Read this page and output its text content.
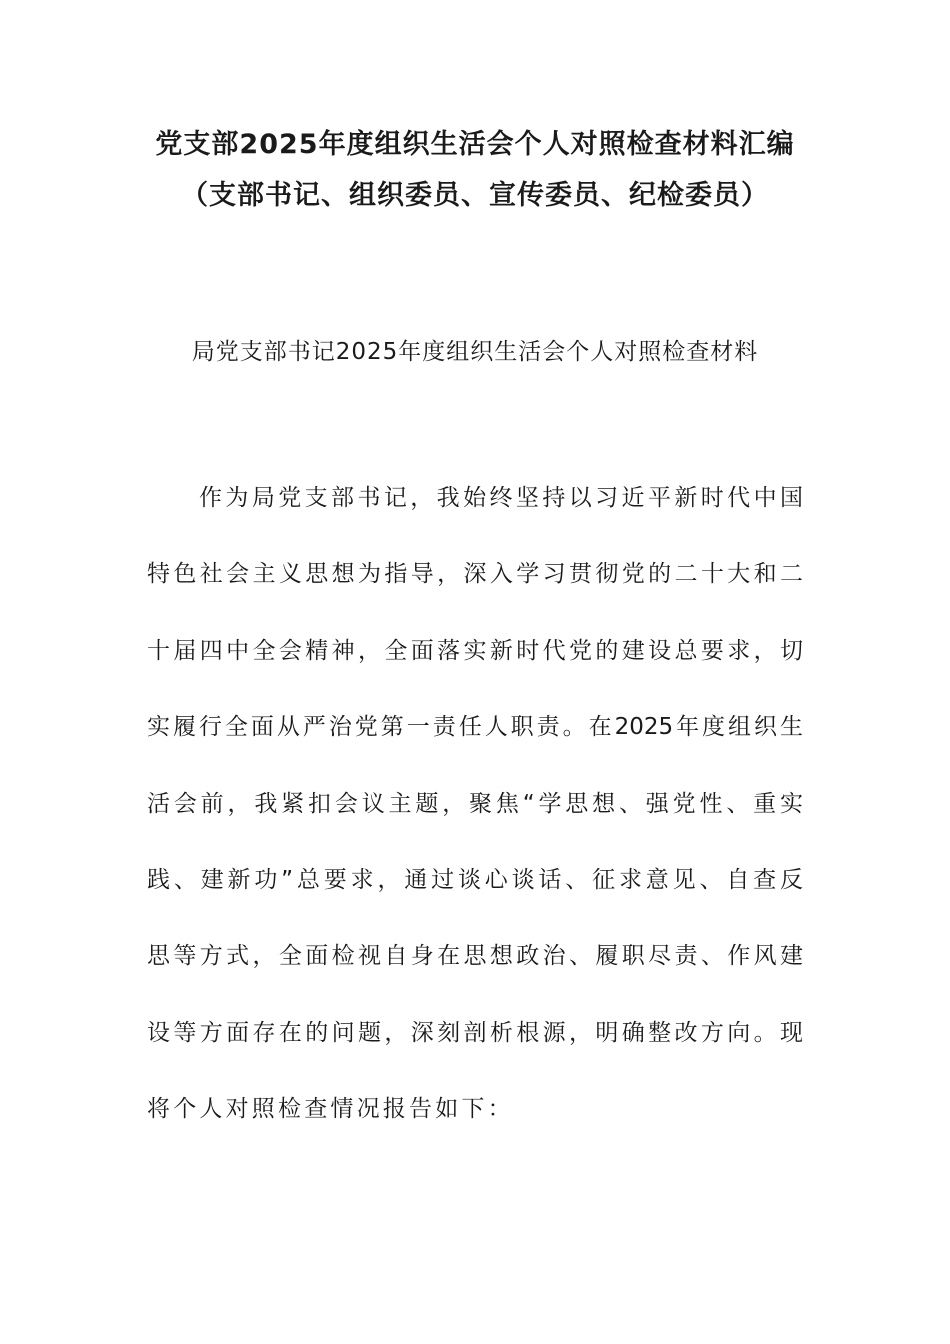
党支部2025年度组织生活会个人对照检查材料汇编
（支部书记、组织委员、宣传委员、纪检委员）
局党支部书记2025年度组织生活会个人对照检查材料
作为局党支部书记，我始终坚持以习近平新时代中国
特色社会主义思想为指导，深入学习贯彻党的二十大和二
十届四中全会精神，全面落实新时代党的建设总要求，切
实履行全面从严治党第一责任人职责。在2025年度组织生
活会前，我紧扣会议主题，聚焦“学思想、强党性、重实
践、建新功”总要求，通过谈心谈话、征求意见、自查反
思等方式，全面检视自身在思想政治、履职尽责、作风建
设等方面存在的问题，深刻剖析根源，明确整改方向。现
将个人对照检查情况报告如下：
